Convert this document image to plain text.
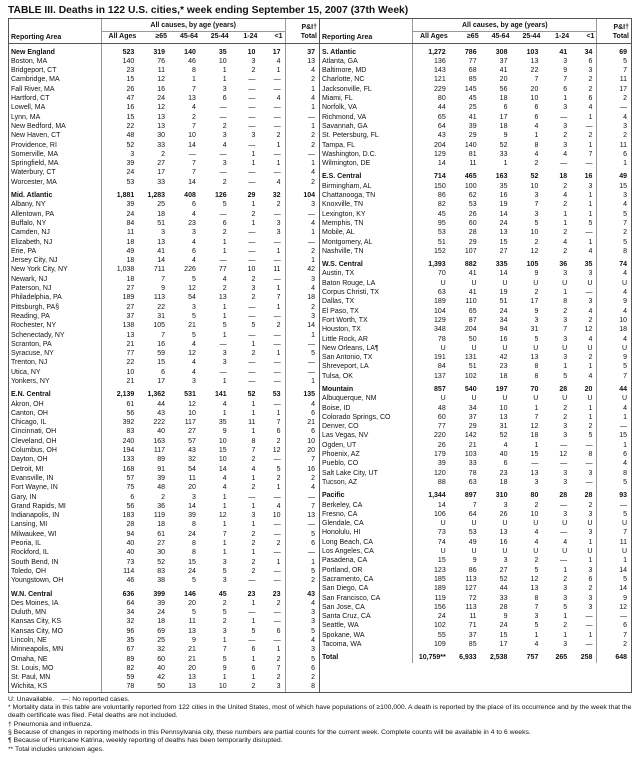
TABLE III. Deaths in 122 U.S. cities,* week ending September 15, 2007 (37th Week)
Reporting Area	All causes, by age (years)						P&I†
Total
	All Ages	≥65	45-64	25-44	1-24	<1	
New England	523	319	140	35	10	17	37
Boston, MA	140	76	46	10	3	4	13
Bridgeport, CT	23	11	8	1	2	1	4
Cambridge, MA	15	12	1	1	—	—	2
Fall River, MA	26	16	7	3	—	—	1
Hartford, CT	47	24	13	6	—	4	4
Lowell, MA	16	12	4	—	—	—	1
Lynn, MA	15	13	2	—	—	—	—
New Bedford, MA	22	13	7	2	—	—	1
New Haven, CT	48	30	10	3	3	2	2
Providence, RI	52	33	14	4	—	1	2
Somerville, MA	3	2	—	—	1	—	—
Springfield, MA	39	27	7	3	1	1	1
Waterbury, CT	24	17	7	—	—	—	4
Worcester, MA	53	33	14	2	—	4	2
Mid. Atlantic	1,881	1,283	408	126	29	32	104
Albany, NY	39	25	6	5	1	2	3
Allentown, PA	24	18	4	—	2	—	—
Buffalo, NY	84	51	23	6	1	3	4
Camden, NJ	11	3	3	2	—	3	1
Elizabeth, NJ	18	13	4	1	—	—	—
Erie, PA	49	41	6	1	—	1	2
Jersey City, NJ	18	14	4	—	—	—	1
New York City, NY	1,038	711	226	77	10	11	42
Newark, NJ	18	7	5	4	2	—	3
Paterson, NJ	27	9	12	2	3	1	4
Philadelphia, PA	189	113	54	13	2	7	18
Pittsburgh, PA§	27	22	3	1	—	1	2
Reading, PA	37	31	5	1	—	—	3
Rochester, NY	138	105	21	5	5	2	14
Schenectady, NY	13	7	5	1	—	—	1
Scranton, PA	21	16	4	—	1	—	—
Syracuse, NY	77	59	12	3	2	1	5
Trenton, NJ	22	15	4	3	—	—	—
Utica, NY	10	6	4	—	—	—	—
Yonkers, NY	21	17	3	1	—	—	1
E.N. Central	2,139	1,362	531	141	52	53	135
Akron, OH	61	44	12	4	1	—	4
Canton, OH	56	43	10	1	1	1	6
Chicago, IL	392	222	117	35	11	7	21
Cincinnati, OH	83	40	27	9	1	6	6
Cleveland, OH	240	163	57	10	8	2	10
Columbus, OH	194	117	43	15	7	12	20
Dayton, OH	133	89	32	10	2	—	7
Detroit, MI	168	91	54	14	4	5	16
Evansville, IN	57	39	11	4	1	2	2
Fort Wayne, IN	75	48	20	4	2	1	4
Gary, IN	6	2	3	1	—	—	—
Grand Rapids, MI	56	36	14	1	1	4	7
Indianapolis, IN	183	119	39	12	3	10	13
Lansing, MI	28	18	8	1	1	—	—
Milwaukee, WI	94	61	24	7	2	—	5
Peoria, IL	40	27	8	1	2	2	6
Rockford, IL	40	30	8	1	1	—	—
South Bend, IN	73	52	15	3	2	1	1
Toledo, OH	114	83	24	5	2	—	5
Youngstown, OH	46	38	5	3	—	—	2
W.N. Central	636	399	146	45	23	23	43
Des Moines, IA	64	39	20	2	1	2	4
Duluth, MN	34	24	5	5	—	—	3
Kansas City, KS	32	18	11	2	1	—	3
Kansas City, MO	96	69	13	3	5	6	5
Lincoln, NE	35	25	9	1	—	—	4
Minneapolis, MN	67	32	21	7	6	1	3
Omaha, NE	89	60	21	5	1	2	5
St. Louis, MO	82	40	20	9	6	7	6
St. Paul, MN	59	42	13	1	1	2	2
Wichita, KS	78	50	13	10	2	3	8
Reporting Area	All causes, by age (years)						P&I†
Total
	All Ages	≥65	45-64	25-44	1-24	<1	
S. Atlantic	1,272	786	308	103	41	34	69
Atlanta, GA	136	77	37	13	3	6	5
Baltimore, MD	143	68	41	22	9	3	7
Charlotte, NC	121	85	20	7	7	2	11
Jacksonville, FL	229	145	56	20	6	2	17
Miami, FL	80	45	18	10	1	6	2
Norfolk, VA	44	25	6	6	3	4	—
Richmond, VA	65	41	17	6	—	1	4
Savannah, GA	64	39	18	4	3	—	3
St. Petersburg, FL	43	29	9	1	2	2	2
Tampa, FL	204	140	52	8	3	1	11
Washington, D.C.	129	81	33	4	4	7	6
Wilmington, DE	14	11	1	2	—	—	1
E.S. Central	714	465	163	52	18	16	49
Birmingham, AL	150	100	35	10	2	3	15
Chattanooga, TN	86	62	16	3	4	1	3
Knoxville, TN	82	53	19	7	2	1	4
Lexington, KY	45	26	14	3	1	1	5
Memphis, TN	95	60	24	5	1	5	7
Mobile, AL	53	28	13	10	2	—	2
Montgomery, AL	51	29	15	2	4	1	5
Nashville, TN	152	107	27	12	2	4	8
W.S. Central	1,393	882	335	105	36	35	74
Austin, TX	70	41	14	9	3	3	4
Baton Rouge, LA	U	U	U	U	U	U	U
Corpus Christi, TX	63	41	19	2	1	—	4
Dallas, TX	189	110	51	17	8	3	9
El Paso, TX	104	65	24	9	2	4	4
Fort Worth, TX	129	87	34	3	3	2	10
Houston, TX	348	204	94	31	7	12	18
Little Rock, AR	78	50	16	5	3	4	4
New Orleans, LA¶	U	U	U	U	U	U	U
San Antonio, TX	191	131	42	13	3	2	9
Shreveport, LA	84	51	23	8	1	1	5
Tulsa, OK	137	102	18	8	5	4	7
Mountain	857	540	197	70	28	20	44
Albuquerque, NM	U	U	U	U	U	U	U
Boise, ID	48	34	10	1	2	1	4
Colorado Springs, CO	60	37	13	7	2	1	1
Denver, CO	77	29	31	12	3	2	—
Las Vegas, NV	220	142	52	18	3	5	15
Ogden, UT	26	21	4	1	—	—	1
Phoenix, AZ	179	103	40	15	12	8	6
Pueblo, CO	39	33	6	—	—	—	4
Salt Lake City, UT	120	78	23	13	3	3	8
Tucson, AZ	88	63	18	3	3	—	5
Pacific	1,344	897	310	80	28	28	93
Berkeley, CA	14	7	3	2	—	2	—
Fresno, CA	106	64	26	10	3	3	5
Glendale, CA	U	U	U	U	U	U	U
Honolulu, HI	73	53	13	4	—	3	7
Long Beach, CA	74	49	16	4	4	1	11
Los Angeles, CA	U	U	U	U	U	U	U
Pasadena, CA	15	9	3	2	—	1	1
Portland, OR	123	86	27	5	1	3	14
Sacramento, CA	185	113	52	12	2	6	5
San Diego, CA	189	127	44	13	3	2	14
San Francisco, CA	119	72	33	8	3	3	9
San Jose, CA	156	113	28	7	5	3	12
Santa Cruz, CA	24	11	9	3	1	—	—
Seattle, WA	102	71	24	5	2	—	6
Spokane, WA	55	37	15	1	1	1	7
Tacoma, WA	109	85	17	4	3	—	2
Total	10,759**	6,933	2,538	757	265	258	648
U: Unavailable.    —: No reported cases.
* Mortality data in this table are voluntarily reported from 122 cities in the United States, most of which have populations of ≥100,000. A death is reported by the place of its occurrence and by the week that the death certificate was filed. Fetal deaths are not included.
† Pneumonia and influenza.
§ Because of changes in reporting methods in this Pennsylvania city, these numbers are partial counts for the current week. Complete counts will be available in 4 to 6 weeks.
¶ Because of Hurricane Katrina, weekly reporting of deaths has been temporarily disrupted.
** Total includes unknown ages.
